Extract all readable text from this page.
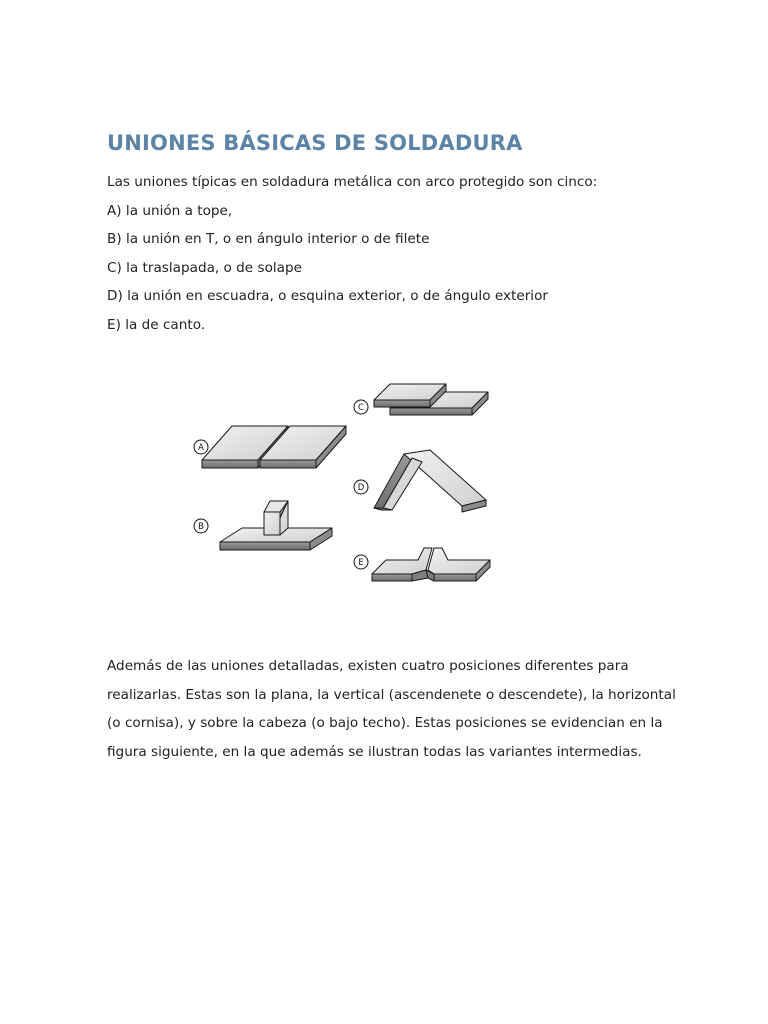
UNIONES BÁSICAS DE SOLDADURA

Las uniones típicas en soldadura metálica con arco protegido son cinco:

A) la unión a tope,

B) la unión en T, o en ángulo interior o de filete

C) la traslapada, o de solape

D) la unión en escuadra, o esquina exterior, o de ángulo exterior

E) la de canto.

A
B
C
D
E
Además de las uniones detalladas, existen cuatro posiciones diferentes para
realizarlas. Estas son la plana, la vertical (ascendenete o descendete), la horizontal
(o cornisa), y sobre la cabeza (o bajo techo). Estas posiciones se evidencian en la
figura siguiente, en la que además se ilustran todas las variantes intermedias.
